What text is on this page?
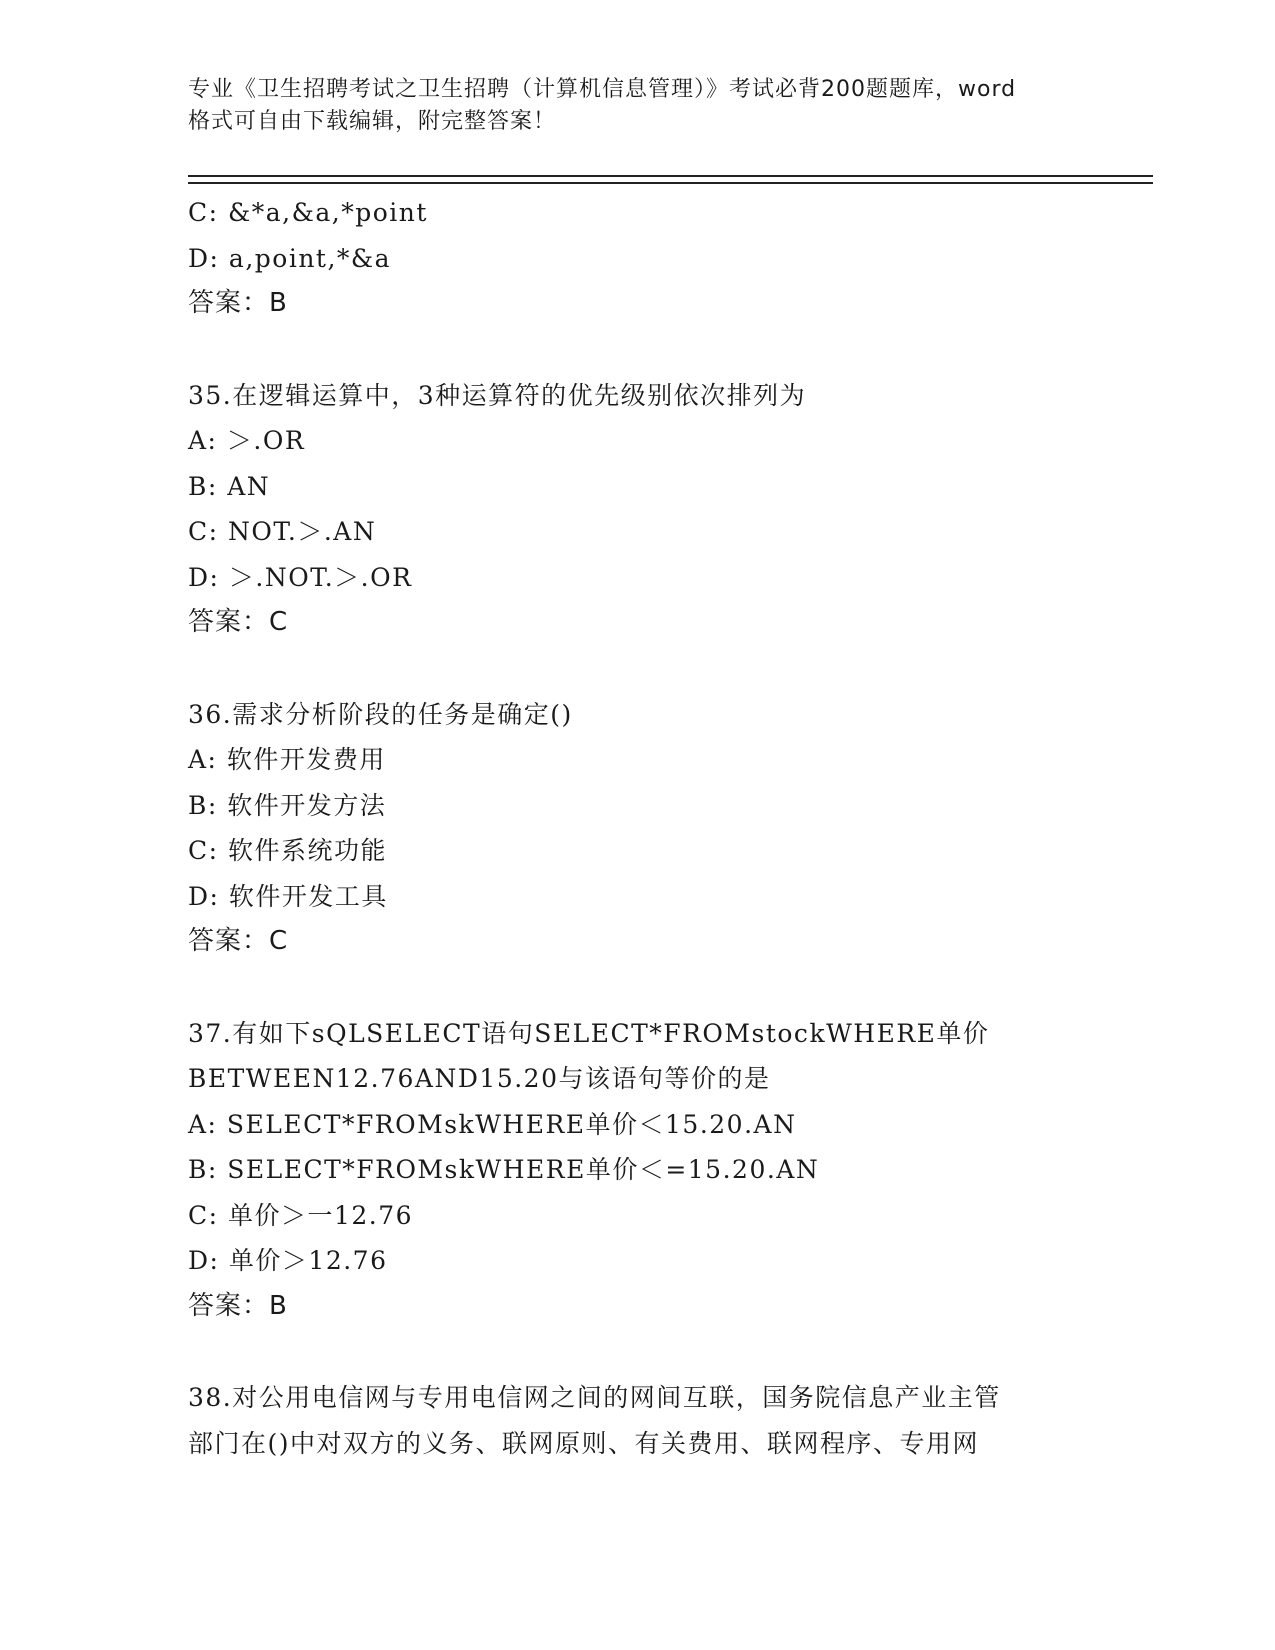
专业《卫生招聘考试之卫生招聘（计算机信息管理）》考试必背200题题库，word
格式可自由下载编辑，附完整答案！
C: &*a,&a,*point
D: a,point,*&a
答案：B
35.在逻辑运算中，3种运算符的优先级别依次排列为
A: ＞.OR
B: AN
C: NOT.＞.AN
D: ＞.NOT.＞.OR
答案：C
36.需求分析阶段的任务是确定()
A: 软件开发费用
B: 软件开发方法
C: 软件系统功能
D: 软件开发工具
答案：C
37.有如下sQLSELECT语句SELECT*FROMstockWHERE单价
BETWEEN12.76AND15.20与该语句等价的是
A: SELECT*FROMskWHERE单价＜15.20.AN
B: SELECT*FROMskWHERE单价＜=15.20.AN
C: 单价＞一12.76
D: 单价＞12.76
答案：B
38.对公用电信网与专用电信网之间的网间互联，国务院信息产业主管
部门在()中对双方的义务、联网原则、有关费用、联网程序、专用网
